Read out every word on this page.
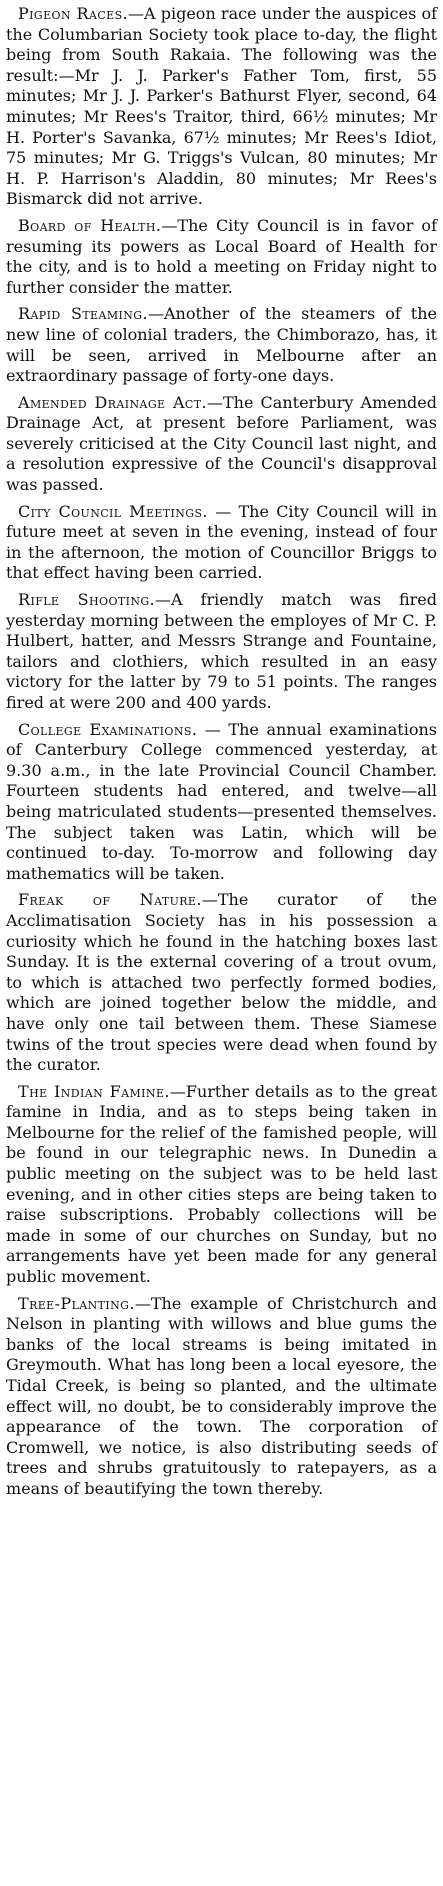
Pigeon Races.—A pigeon race under the auspices of the Columbarian Society took place to-day, the flight being from South Rakaia. The following was the result:—Mr J. J. Parker's Father Tom, first, 55 minutes; Mr J. J. Parker's Bathurst Flyer, second, 64 minutes; Mr Rees's Traitor, third, 66½ minutes; Mr H. Porter's Savanka, 67½ minutes; Mr Rees's Idiot, 75 minutes; Mr G. Triggs's Vulcan, 80 minutes; Mr H. P. Harrison's Aladdin, 80 minutes; Mr Rees's Bismarck did not arrive.

Board of Health.—The City Council is in favor of resuming its powers as Local Board of Health for the city, and is to hold a meeting on Friday night to further consider the matter.

Rapid Steaming.—Another of the steamers of the new line of colonial traders, the Chimborazo, has, it will be seen, arrived in Melbourne after an extraordinary passage of forty-one days.

Amended Drainage Act.—The Canterbury Amended Drainage Act, at present before Parliament, was severely criticised at the City Council last night, and a resolution expressive of the Council's disapproval was passed.

City Council Meetings. — The City Council will in future meet at seven in the evening, instead of four in the afternoon, the motion of Councillor Briggs to that effect having been carried.

Rifle Shooting.—A friendly match was fired yesterday morning between the employes of Mr C. P. Hulbert, hatter, and Messrs Strange and Fountaine, tailors and clothiers, which resulted in an easy victory for the latter by 79 to 51 points. The ranges fired at were 200 and 400 yards.

College Examinations. — The annual examinations of Canterbury College commenced yesterday, at 9.30 a.m., in the late Provincial Council Chamber. Fourteen students had entered, and twelve—all being matriculated students—presented themselves. The subject taken was Latin, which will be continued to-day. To-morrow and following day mathematics will be taken.

Freak of Nature.—The curator of the Acclimatisation Society has in his possession a curiosity which he found in the hatching boxes last Sunday. It is the external covering of a trout ovum, to which is attached two perfectly formed bodies, which are joined together below the middle, and have only one tail between them. These Siamese twins of the trout species were dead when found by the curator.

The Indian Famine.—Further details as to the great famine in India, and as to steps being taken in Melbourne for the relief of the famished people, will be found in our telegraphic news. In Dunedin a public meeting on the subject was to be held last evening, and in other cities steps are being taken to raise subscriptions. Probably collections will be made in some of our churches on Sunday, but no arrangements have yet been made for any general public movement.

Tree-Planting.—The example of Christchurch and Nelson in planting with willows and blue gums the banks of the local streams is being imitated in Greymouth. What has long been a local eyesore, the Tidal Creek, is being so planted, and the ultimate effect will, no doubt, be to considerably improve the appearance of the town. The corporation of Cromwell, we notice, is also distributing seeds of trees and shrubs gratuitously to ratepayers, as a means of beautifying the town thereby.
